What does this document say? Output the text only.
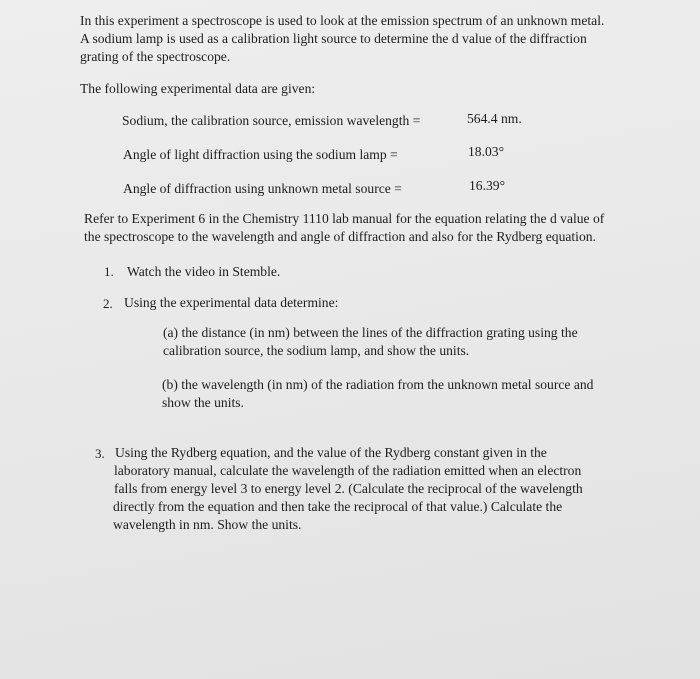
In this experiment a spectroscope is used to look at the emission spectrum of an unknown metal.
A sodium lamp is used as a calibration light source to determine the d value of the diffraction
grating of the spectroscope.
The following experimental data are given:
Sodium, the calibration source, emission wavelength =	564.4 nm.
Angle of light diffraction using the sodium lamp =	18.03°
Angle of diffraction using unknown metal source =	16.39°
Refer to Experiment 6 in the Chemistry 1110 lab manual for the equation relating the d value of
the spectroscope to the wavelength and angle of diffraction and also for the Rydberg equation.
1. Watch the video in Stemble.
2. Using the experimental data determine:
(a) the distance (in nm) between the lines of the diffraction grating using the
calibration source, the sodium lamp, and show the units.
(b) the wavelength (in nm) of the radiation from the unknown metal source and
show the units.
3. Using the Rydberg equation, and the value of the Rydberg constant given in the
laboratory manual, calculate the wavelength of the radiation emitted when an electron
falls from energy level 3 to energy level 2. (Calculate the reciprocal of the wavelength
directly from the equation and then take the reciprocal of that value.) Calculate the
wavelength in nm. Show the units.
